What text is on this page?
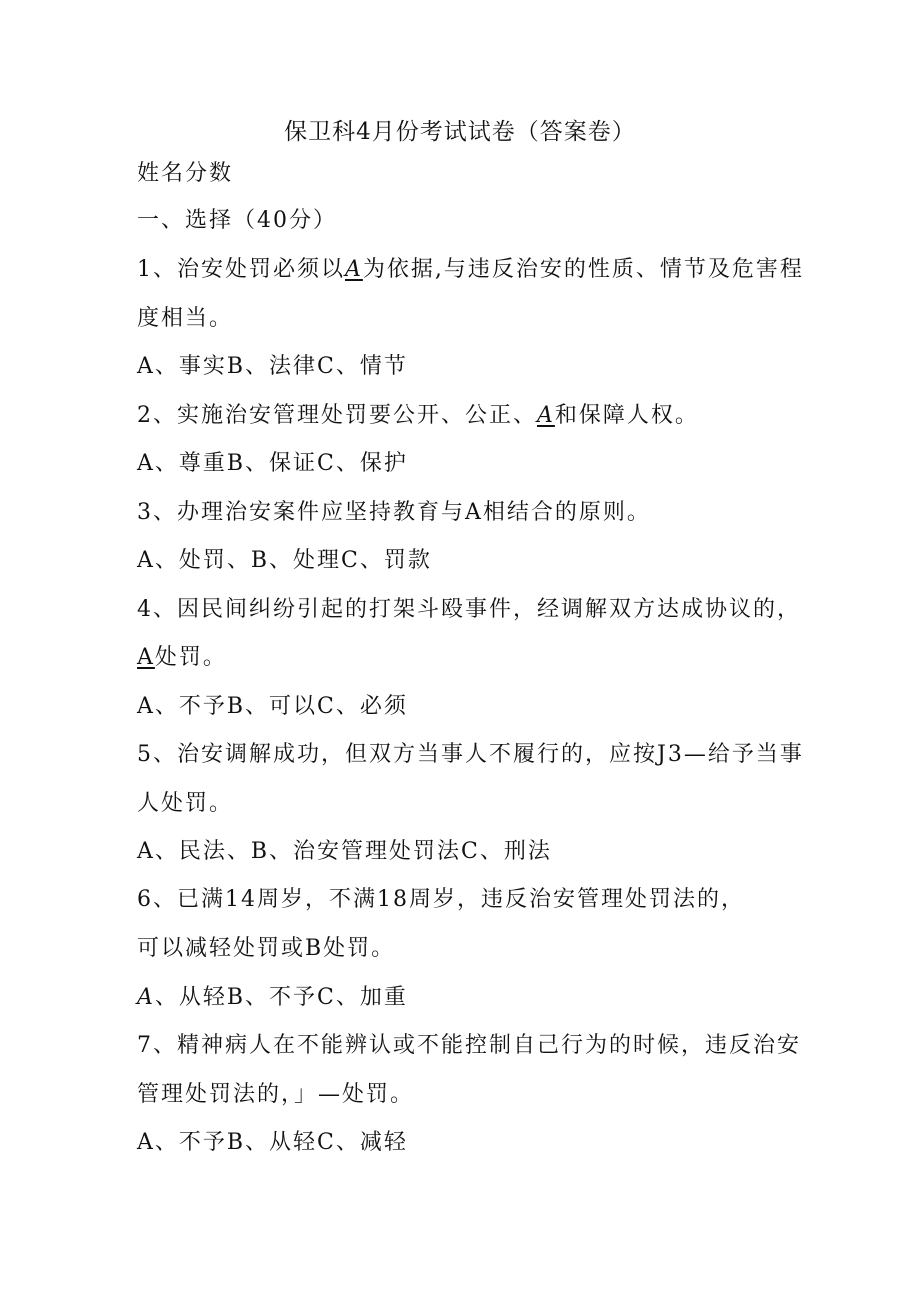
保卫科4月份考试试卷（答案卷）
姓名分数
一、选择（40分）
1、治安处罚必须以A为依据,与违反治安的性质、情节及危害程
度相当。
A、事实B、法律C、情节
2、实施治安管理处罚要公开、公正、A和保障人权。
A、尊重B、保证C、保护
3、办理治安案件应坚持教育与A相结合的原则。
A、处罚、B、处理C、罚款
4、因民间纠纷引起的打架斗殴事件，经调解双方达成协议的，
A处罚。
A、不予B、可以C、必须
5、治安调解成功，但双方当事人不履行的，应按J3—给予当事
人处罚。
A、民法、B、治安管理处罚法C、刑法
6、已满14周岁，不满18周岁，违反治安管理处罚法的，
可以减轻处罚或B处罚。
A、从轻B、不予C、加重
7、精神病人在不能辨认或不能控制自己行为的时候，违反治安
管理处罚法的，」—处罚。
A、不予B、从轻C、减轻
